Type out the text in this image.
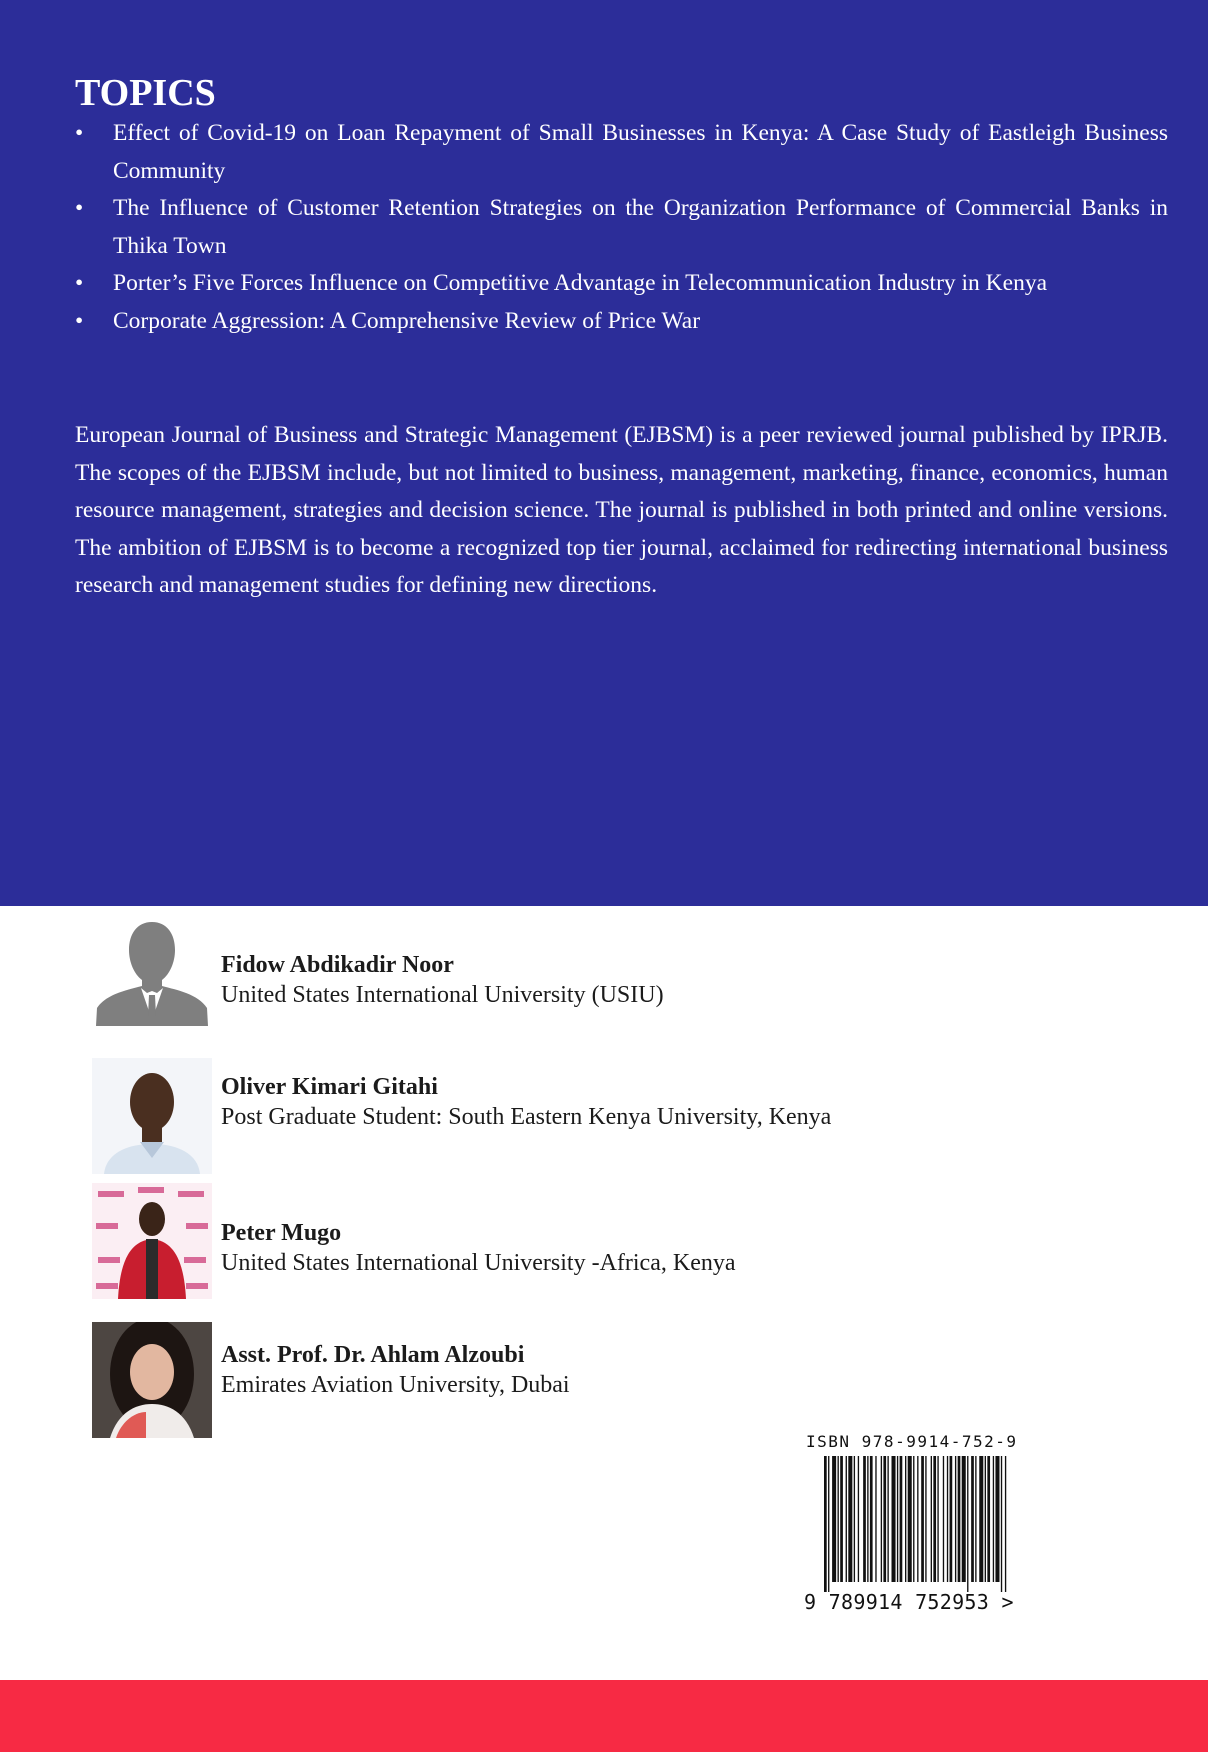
TOPICS
• Effect of Covid-19 on Loan Repayment of Small Businesses in Kenya: A Case Study of Eastleigh Business Community
• The Influence of Customer Retention Strategies on the Organization Performance of Commercial Banks in Thika Town
• Porter’s Five Forces Influence on Competitive Advantage in Telecommunication Industry in Kenya
• Corporate Aggression: A Comprehensive Review of Price War

European Journal of Business and Strategic Management (EJBSM) is a peer reviewed journal published by IPRJB. The scopes of the EJBSM include, but not limited to business, management, marketing, finance, economics, human resource management, strategies and decision science. The journal is published in both printed and online versions. The ambition of EJBSM is to become a recognized top tier journal, acclaimed for redirecting international business research and management studies for defining new directions.

Fidow Abdikadir Noor
United States International University (USIU)
Oliver Kimari Gitahi
Post Graduate Student: South Eastern Kenya University, Kenya
Peter Mugo
United States International University -Africa, Kenya
Asst. Prof. Dr. Ahlam Alzoubi
Emirates Aviation University, Dubai
ISBN 978-9914-752-9
9 789914 752953 >
